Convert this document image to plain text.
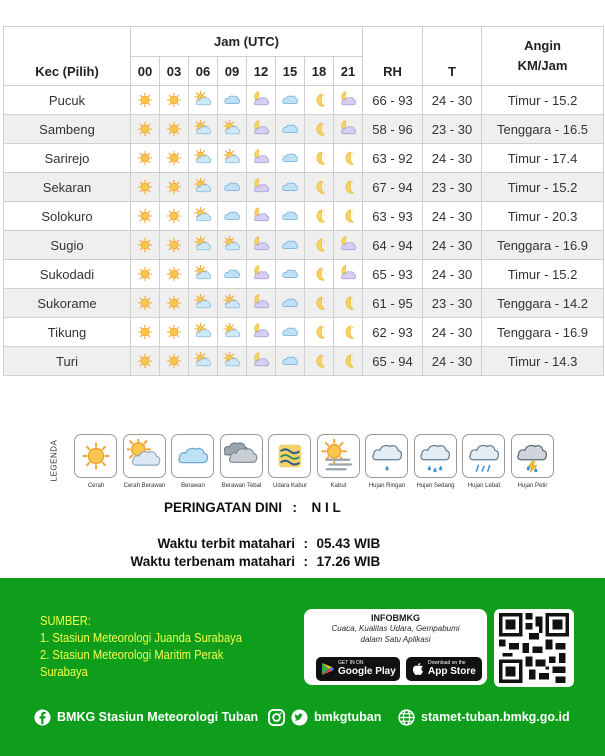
Kec (Pilih)	Jam (UTC)								RH	T	Angin
KM/Jam

	00	03	06	09	12	15	18	21			
Pucuk									66 - 93	24 - 30	Timur - 15.2
Sambeng									58 - 96	23 - 30	Tenggara - 16.5
Sarirejo									63 - 92	24 - 30	Timur - 17.4
Sekaran									67 - 94	23 - 30	Timur - 15.2
Solokuro									63 - 93	24 - 30	Timur - 20.3
Sugio									64 - 94	24 - 30	Tenggara - 16.9
Sukodadi									65 - 93	24 - 30	Timur - 15.2
Sukorame									61 - 95	23 - 30	Tenggara - 14.2
Tikung									62 - 93	24 - 30	Tenggara - 16.9
Turi									65 - 94	24 - 30	Timur - 14.3
LEGENDA
Cerah	Cerah Berawan	Berawan	Berawan Tebal	Udara Kabur	Kabut	Hujan Ringan	Hujan Sedang	Hujan Lebat	Hujan Petir
PERINGATAN DINI : N I L
Waktu terbit matahari : 05.43 WIB
Waktu terbenam matahari : 17.26 WIB
SUMBER:
1. Stasiun Meteorologi Juanda Surabaya
2. Stasiun Meteorologi Maritim Perak Surabaya
INFOBMKG
Cuaca, Kualitas Udara, Gempabumi
dalam Satu Aplikasi
GET IN ON
Google Play
Download on the
App Store
BMKG Stasiun Meteorologi Tuban	bmkgtuban	stamet-tuban.bmkg.go.id
